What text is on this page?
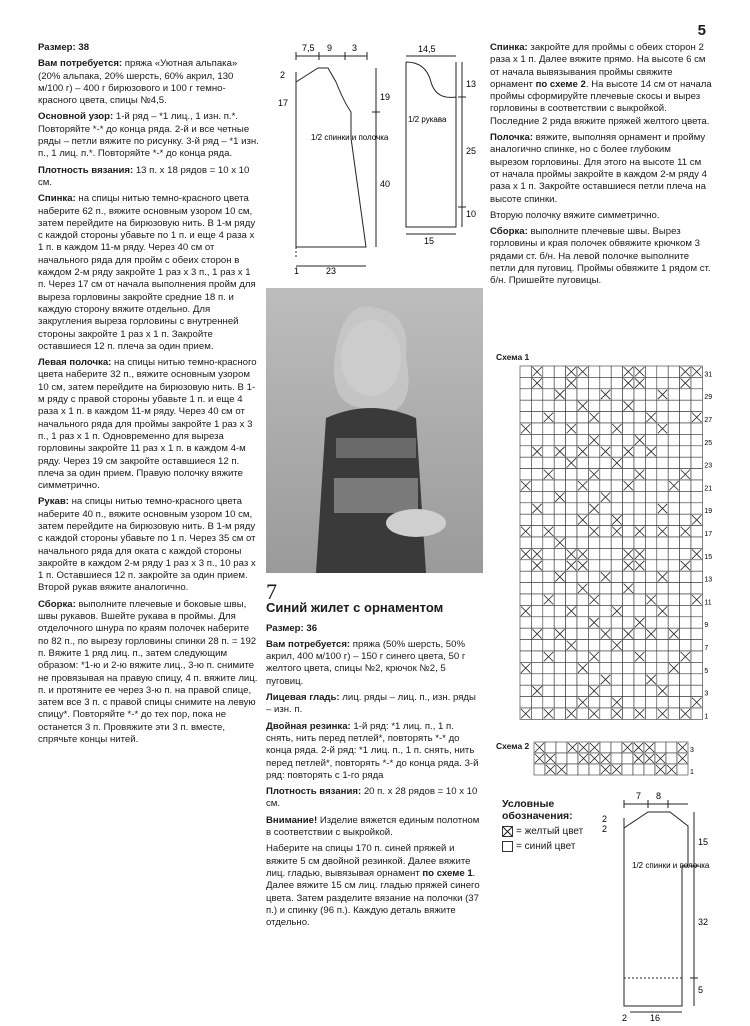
5

Размер: 38

Вам потребуется: пряжа «Уютная альпака» (20% альпака, 20% шерсть, 60% акрил, 130 м/100 г) – 400 г бирюзового и 100 г темно-красного цвета, спицы №4,5.

Основной узор: 1-й ряд – *1 лиц., 1 изн. п.*. Повторяйте *-* до конца ряда. 2-й и все четные ряды – петли вяжите по рисунку. 3-й ряд – *1 изн. п., 1 лиц. п.*. Повторяйте *-* до конца ряда.

Плотность вязания: 13 п. х 18 рядов = 10 х 10 см.

Спинка: на спицы нитью темно-красного цвета наберите 62 п., вяжите основным узором 10 см, затем перейдите на бирюзовую нить. В 1-м ряду с каждой стороны убавьте по 1 п. и еще 4 раза х 1 п. в каждом 11-м ряду. Через 40 см от начального ряда для пройм с обеих сторон в каждом 2-м ряду закройте 1 раз х 3 п., 1 раз х 1 п. Через 17 см от начала выполнения пройм для выреза горловины закройте средние 18 п. и каждую сторону вяжите отдельно. Для закругления выреза горловины с внутренней стороны закройте 1 раз х 1 п. Закройте оставшиеся 12 п. плеча за один прием.

Левая полочка: на спицы нитью темно-красного цвета наберите 32 п., вяжите основным узором 10 см, затем перейдите на бирюзовую нить. В 1-м ряду с правой стороны убавьте 1 п. и еще 4 раза х 1 п. в каждом 11-м ряду. Через 40 см от начального ряда для проймы закройте 1 раз х 3 п., 1 раз х 1 п. Одновременно для выреза горловины закройте 11 раз х 1 п. в каждом 4-м ряду. Через 19 см закройте оставшиеся 12 п. плеча за один прием. Правую полочку вяжите симметрично.

Рукав: на спицы нитью темно-красного цвета наберите 40 п., вяжите основным узором 10 см, затем перейдите на бирюзовую нить. В 1-м ряду с каждой стороны убавьте по 1 п. Через 35 см от начального ряда для оката с каждой стороны закройте в каждом 2-м ряду 1 раз х 3 п., 10 раз х 1 п. Оставшиеся 12 п. закройте за один прием. Второй рукав вяжите аналогично.

Сборка: выполните плечевые и боковые швы, швы рукавов. Вшейте рукава в проймы. Для отделочного шнура по краям полочек наберите по 82 п., по вырезу горловины спинки 28 п. = 192 п. Вяжите 1 ряд лиц. п., затем следующим образом: *1-ю и 2-ю вяжите лиц., 3-ю п. снимите не провязывая на правую спицу, 4 п. вяжите лиц. п. и протяните ее через 3-ю п. на правой спице, затем все 3 п. с правой спицы снимите на левую спицу*. Повторяйте *-* до тех пор, пока не останется 3 п. Провяжите эти 3 п. вместе, спрячьте концы нитей.

Спинка: закройте для проймы с обеих сторон 2 раза х 1 п. Далее вяжите прямо. На высоте 6 см от начала вывязывания проймы свяжите орнамент по схеме 2. На высоте 14 см от начала проймы сформируйте плечевые скосы и вырез горловины в соответствии с выкройкой. Последние 2 ряда вяжите пряжей желтого цвета.

Полочка: вяжите, выполняя орнамент и пройму аналогично спинке, но с более глубоким вырезом горловины. Для этого на высоте 11 см от начала проймы закройте в каждом 2-м ряду 4 раза х 1 п. Закройте оставшиеся петли плеча на высоте спинки.

Вторую полочку вяжите симметрично.

Сборка: выполните плечевые швы. Вырез горловины и края полочек обвяжите крючком 3 рядами ст. б/н. На левой полочке выполните петли для пуговиц. Проймы обвяжите 1 рядом ст. б/н. Пришейте пуговицы.

7,5 9 3
2
17
19
40
1	23
1/2 спинки и полочка
14,5
13
25
10
15
1/2 рукава
7
Синий жилет с орнаментом

Размер: 36

Вам потребуется: пряжа (50% шерсть, 50% акрил, 400 м/100 г) – 150 г синего цвета, 50 г желтого цвета, спицы №2, крючок №2, 5 пуговиц.

Лицевая гладь: лиц. ряды – лиц. п., изн. ряды – изн. п.

Двойная резинка: 1-й ряд: *1 лиц. п., 1 п. снять, нить перед петлей*, повторять *-* до конца ряда. 2-й ряд: *1 лиц. п., 1 п. снять, нить перед петлей*, повторять *-* до конца ряда. 3-й ряд: повторять с 1-го ряда

Плотность вязания: 20 п. х 28 рядов = 10 х 10 см.

Внимание! Изделие вяжется единым полотном в соответствии с выкройкой.

Наберите на спицы 170 п. синей пряжей и вяжите 5 см двойной резинкой. Далее вяжите лиц. гладью, вывязывая орнамент по схеме 1. Далее вяжите 15 см лиц. гладью пряжей синего цвета. Затем разделите вязание на полочки (37 п.) и спинку (96 п.). Каждую деталь вяжите отдельно.

Схема 1
31
29
27
25
23
21
19
17
15
13
11
9
7
5
3
1
Схема 2	3
1
Условные обозначения:
= желтый цвет
= синий цвет
7 8
2
2
15
32
5
2	16
1/2 спинки и полочка
